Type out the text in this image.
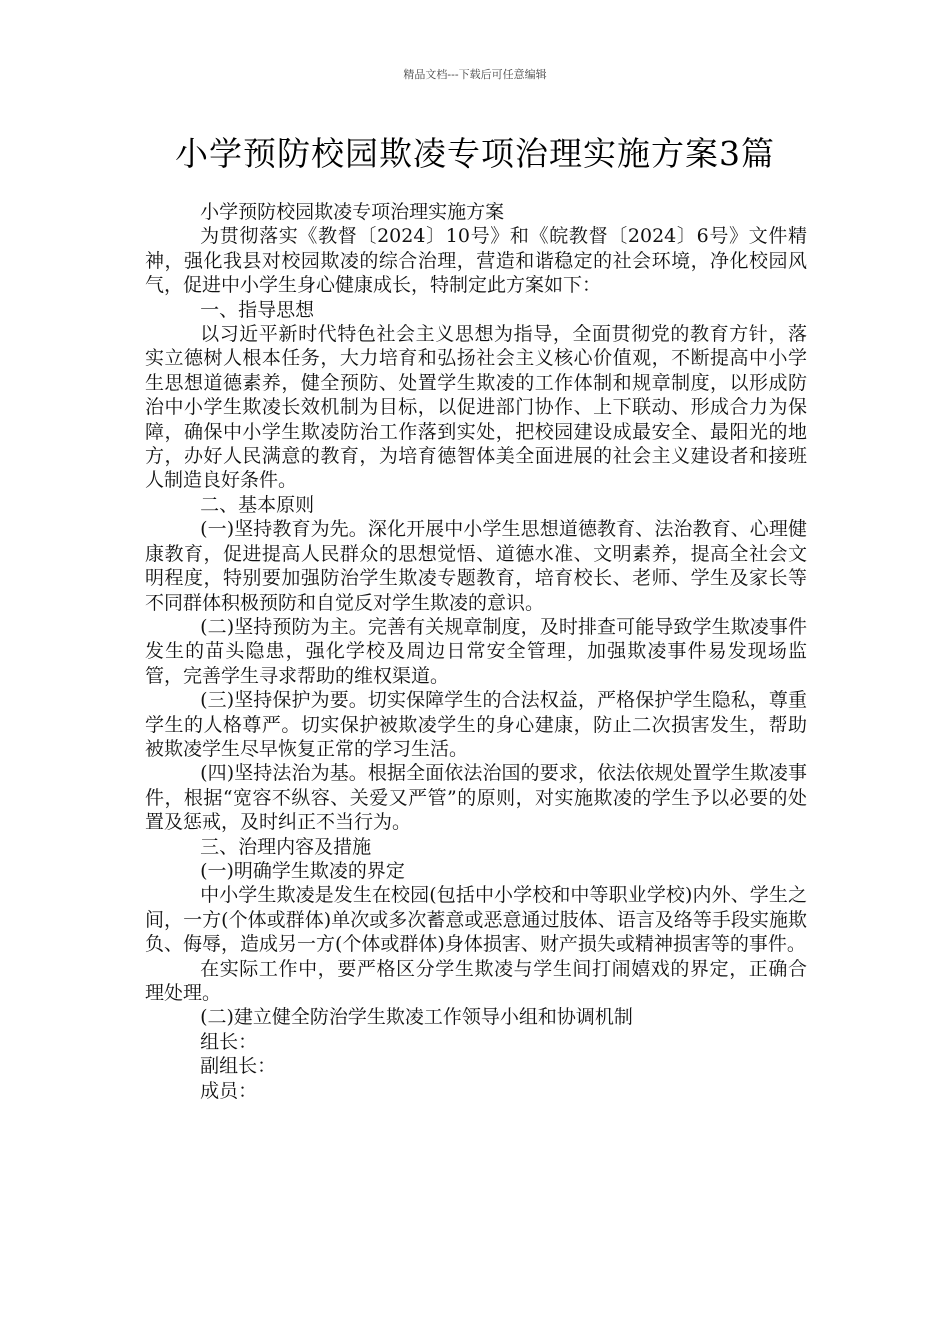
精品文档---下载后可任意编辑
小学预防校园欺凌专项治理实施方案3篇

小学预防校园欺凌专项治理实施方案

为贯彻落实《教督〔2024〕10号》和《皖教督〔2024〕6号》文件精神，强化我县对校园欺凌的综合治理，营造和谐稳定的社会环境，净化校园风气，促进中小学生身心健康成长，特制定此方案如下：

一、指导思想

以习近平新时代特色社会主义思想为指导，全面贯彻党的教育方针，落实立德树人根本任务，大力培育和弘扬社会主义核心价值观，不断提高中小学生思想道德素养，健全预防、处置学生欺凌的工作体制和规章制度，以形成防治中小学生欺凌长效机制为目标，以促进部门协作、上下联动、形成合力为保障，确保中小学生欺凌防治工作落到实处，把校园建设成最安全、最阳光的地方，办好人民满意的教育，为培育德智体美全面进展的社会主义建设者和接班人制造良好条件。

二、基本原则

(一)坚持教育为先。深化开展中小学生思想道德教育、法治教育、心理健康教育，促进提高人民群众的思想觉悟、道德水准、文明素养，提高全社会文明程度，特别要加强防治学生欺凌专题教育，培育校长、老师、学生及家长等不同群体积极预防和自觉反对学生欺凌的意识。

(二)坚持预防为主。完善有关规章制度，及时排查可能导致学生欺凌事件发生的苗头隐患，强化学校及周边日常安全管理，加强欺凌事件易发现场监管，完善学生寻求帮助的维权渠道。

(三)坚持保护为要。切实保障学生的合法权益，严格保护学生隐私，尊重学生的人格尊严。切实保护被欺凌学生的身心建康，防止二次损害发生，帮助被欺凌学生尽早恢复正常的学习生活。

(四)坚持法治为基。根据全面依法治国的要求，依法依规处置学生欺凌事件，根据“宽容不纵容、关爱又严管”的原则，对实施欺凌的学生予以必要的处置及惩戒，及时纠正不当行为。

三、治理内容及措施

(一)明确学生欺凌的界定

中小学生欺凌是发生在校园(包括中小学校和中等职业学校)内外、学生之间，一方(个体或群体)单次或多次蓄意或恶意通过肢体、语言及络等手段实施欺负、侮辱，造成另一方(个体或群体)身体损害、财产损失或精神损害等的事件。

在实际工作中，要严格区分学生欺凌与学生间打闹嬉戏的界定，正确合理处理。

(二)建立健全防治学生欺凌工作领导小组和协调机制

组长：

副组长：

成员：
